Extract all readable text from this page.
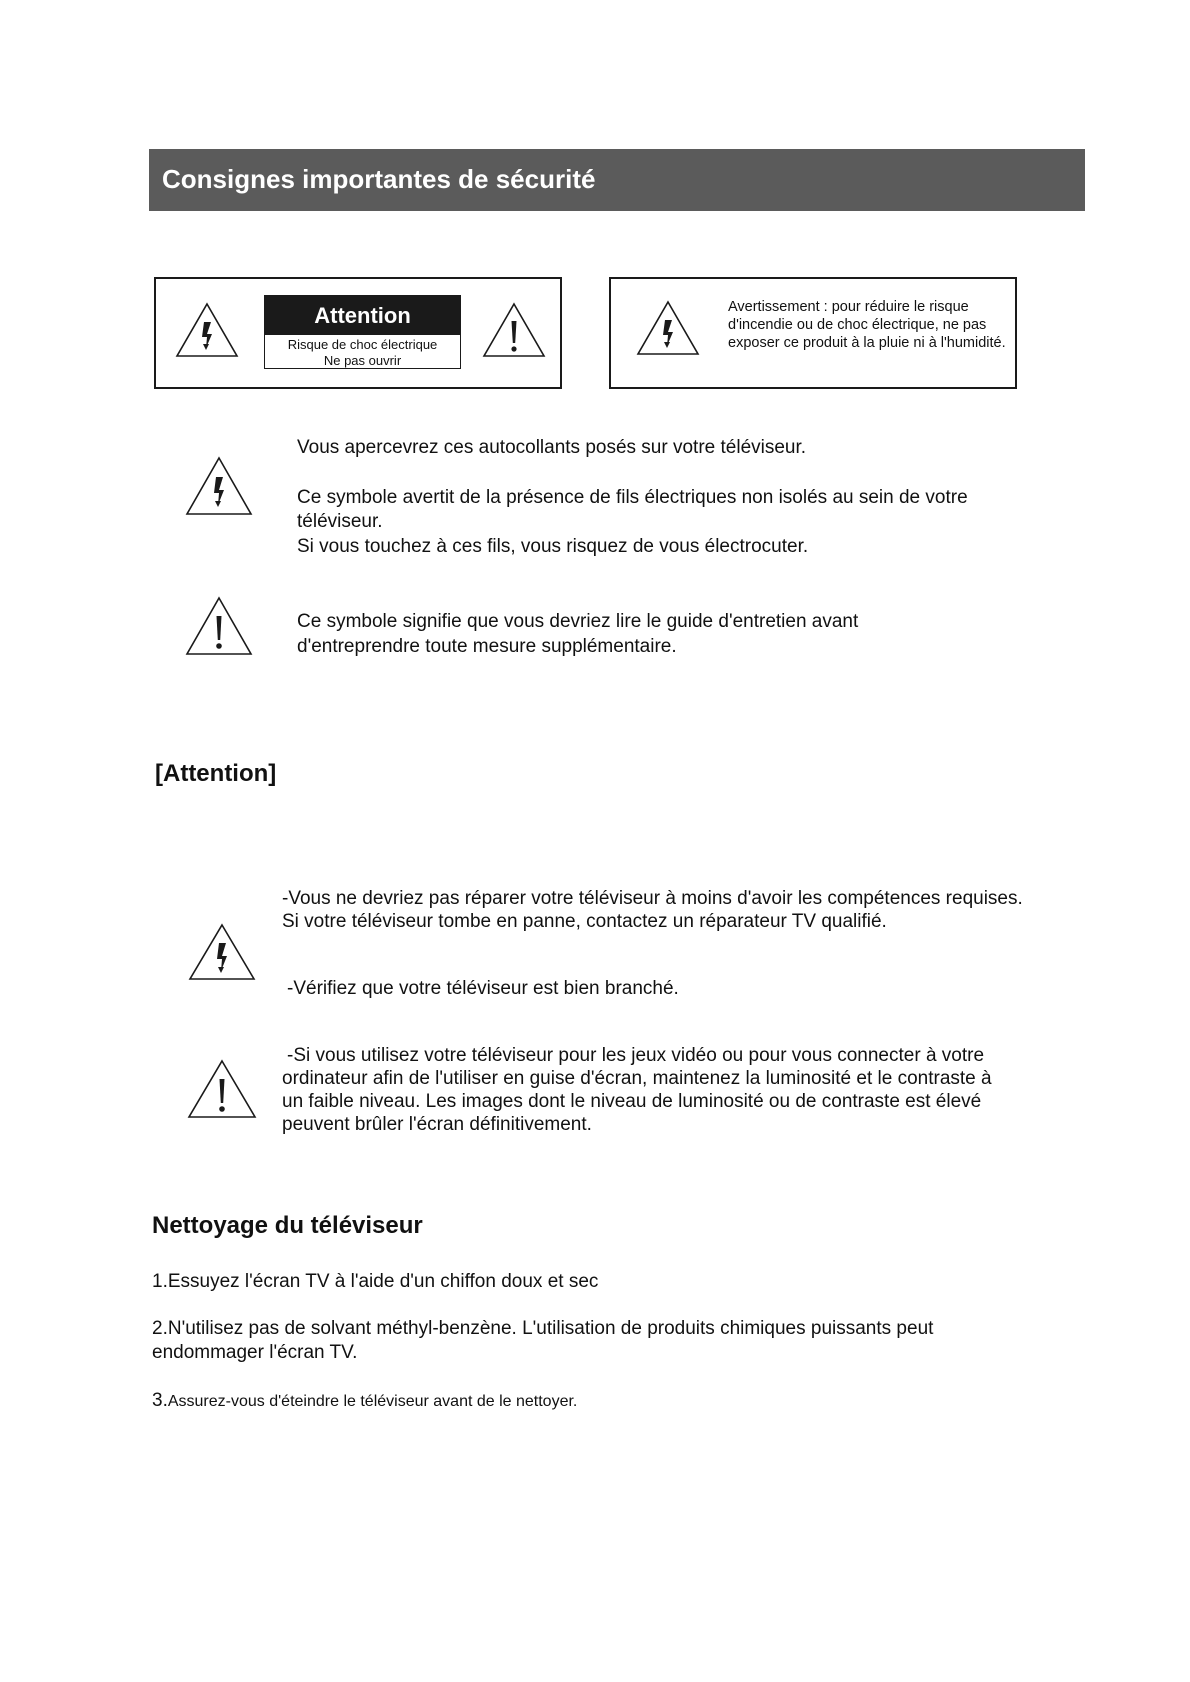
Consignes importantes de sécurité
Attention
Risque de choc électrique
Ne pas ouvrir
Avertissement : pour réduire le risque d'incendie ou de choc électrique, ne pas exposer ce produit à la pluie ni à l'humidité.
Vous apercevrez ces autocollants posés sur votre téléviseur.
Ce symbole avertit de la présence de fils électriques non isolés au sein de votre
téléviseur.
Si vous touchez à ces fils, vous risquez de vous électrocuter.
Ce symbole signifie que vous devriez lire le guide d'entretien avant
d'entreprendre toute mesure supplémentaire.
[Attention]
-Vous ne devriez pas réparer votre téléviseur à moins d'avoir les compétences requises.
Si votre téléviseur tombe en panne, contactez un réparateur TV qualifié.
-Vérifiez que votre téléviseur est bien branché.
-Si vous utilisez votre téléviseur pour les jeux vidéo ou pour vous connecter à votre
ordinateur afin de l'utiliser en guise d'écran, maintenez la luminosité et le contraste à
un faible niveau. Les images dont le niveau de luminosité ou de contraste est élevé
peuvent brûler l'écran définitivement.
Nettoyage du téléviseur
1.Essuyez l'écran TV à l'aide d'un chiffon doux et sec
2.N'utilisez pas de solvant méthyl-benzène. L'utilisation de produits chimiques puissants peut
endommager l'écran TV.
3.Assurez-vous d'éteindre le téléviseur avant de le nettoyer.
